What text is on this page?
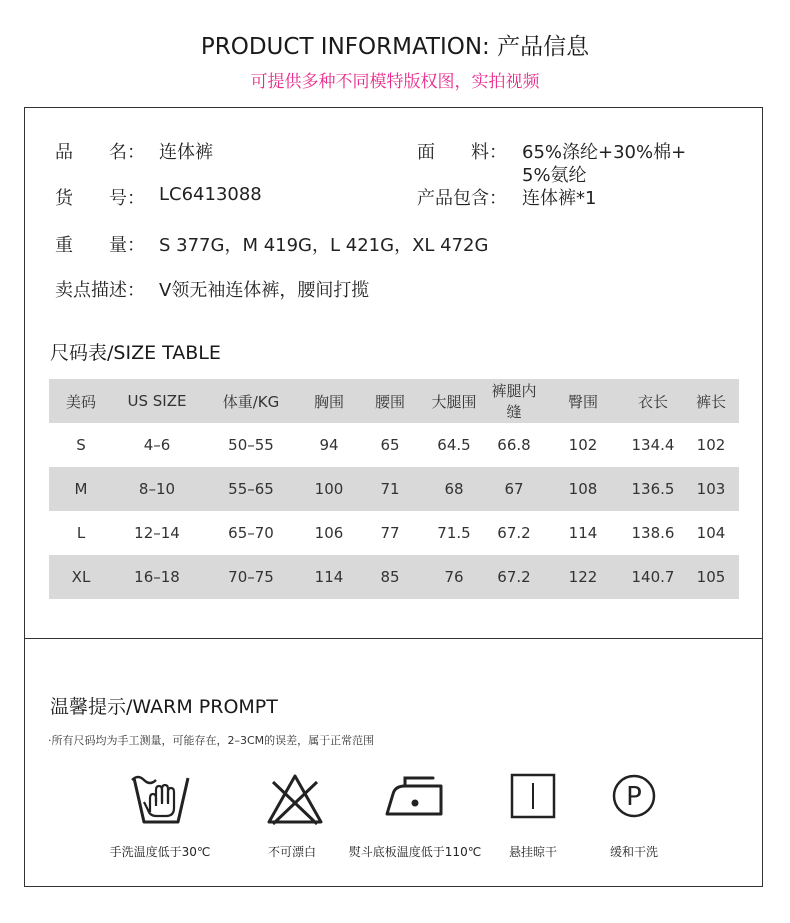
PRODUCT INFORMATION: 产品信息
可提供多种不同模特版权图，实拍视频
品　　名： 连体裤
货　　号： LC6413088
重　　量： S 377G，M 419G，L 421G，XL 472G
卖点描述： V领无袖连体裤，腰间打揽
面　　料： 65%涤纶+30%棉+
5%氨纶
产品包含： 连体裤*1
尺码表/SIZE TABLE
美码	US SIZE	体重/KG	胸围	腰围	大腿围	裤腿内缝	臀围	衣长	裤长
S	4–6	50–55	94	65	64.5	66.8	102	134.4	102
M	8–10	55–65	100	71	68	67	108	136.5	103
L	12–14	65–70	106	77	71.5	67.2	114	138.6	104
XL	16–18	70–75	114	85	76	67.2	122	140.7	105
温馨提示/WARM PROMPT
·所有尺码均为手工测量，可能存在，2–3CM的误差，属于正常范围
手洗温度低于30℃	不可漂白	熨斗底板温度低于110℃	悬挂晾干
P
缓和干洗
